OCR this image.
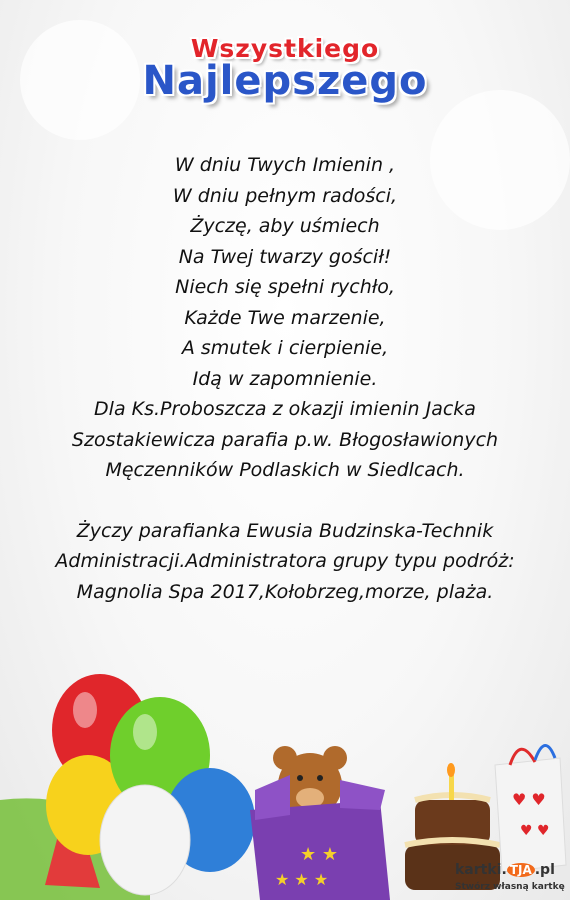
Wszystkiego
Najlepszego
W dniu Twych Imienin ,
W dniu pełnym radości,
Życzę, aby uśmiech
Na Twej twarzy gościł!
Niech się spełni rychło,
Każde Twe marzenie,
A smutek i cierpienie,
Idą w zapomnienie.
Dla Ks.Proboszcza z okazji imienin Jacka
Szostakiewicza parafia p.w. Błogosławionych
Męczenników Podlaskich w Siedlcach.
Życzy parafianka Ewusia Budzinska-Technik
Administracji.Administratora grupy typu podróż:
Magnolia Spa 2017,Kołobrzeg,morze, plaża.
★ ★
★ ★ ★
♥ ♥
♥ ♥
kartki. TJA .pl
Stwórz własną kartkę
